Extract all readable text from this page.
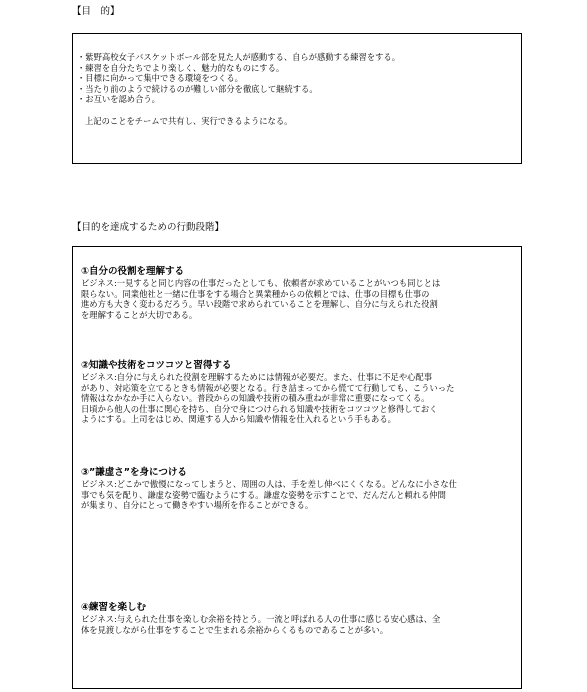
【目　的】
・紫野高校女子バスケットボール部を見た人が感動する、自らが感動する練習をする。
・練習を自分たちでより楽しく、魅力的なものにする。
・目標に向かって集中できる環境をつくる。
・当たり前のようで続けるのが難しい部分を徹底して継続する。
・お互いを認め合う。
上記のことをチームで共有し、実行できるようになる。
【目的を達成するための行動段階】
①自分の役割を理解する
ビジネス:一見すると同じ内容の仕事だったとしても、依頼者が求めていることがいつも同じとは
限らない。同業他社と一緒に仕事をする場合と異業種からの依頼とでは、仕事の目標も仕事の
進め方も大きく変わるだろう。早い段階で求められていることを理解し、自分に与えられた役割
を理解することが大切である。
②知識や技術をコツコツと習得する
ビジネス:自分に与えられた役割を理解するためには情報が必要だ。また、仕事に不足や心配事
があり、対応策を立てるときも情報が必要となる。行き詰まってから慌てて行動しても、こういった
情報はなかなか手に入らない。普段からの知識や技術の積み重ねが非常に重要になってくる。
日頃から他人の仕事に関心を持ち、自分で身につけられる知識や技術をコツコツと修得しておく
ようにする。上司をはじめ、関連する人から知識や情報を仕入れるという手もある。
③”謙虚さ”を身につける
ビジネス:どこかで傲慢になってしまうと、周囲の人は、手を差し伸べにくくなる。どんなに小さな仕
事でも気を配り、謙虚な姿勢で臨むようにする。謙虚な姿勢を示すことで、だんだんと頼れる仲間
が集まり、自分にとって働きやすい場所を作ることができる。
④練習を楽しむ
ビジネス:与えられた仕事を楽しむ余裕を持とう。一流と呼ばれる人の仕事に感じる安心感は、全
体を見渡しながら仕事をすることで生まれる余裕からくるものであることが多い。
